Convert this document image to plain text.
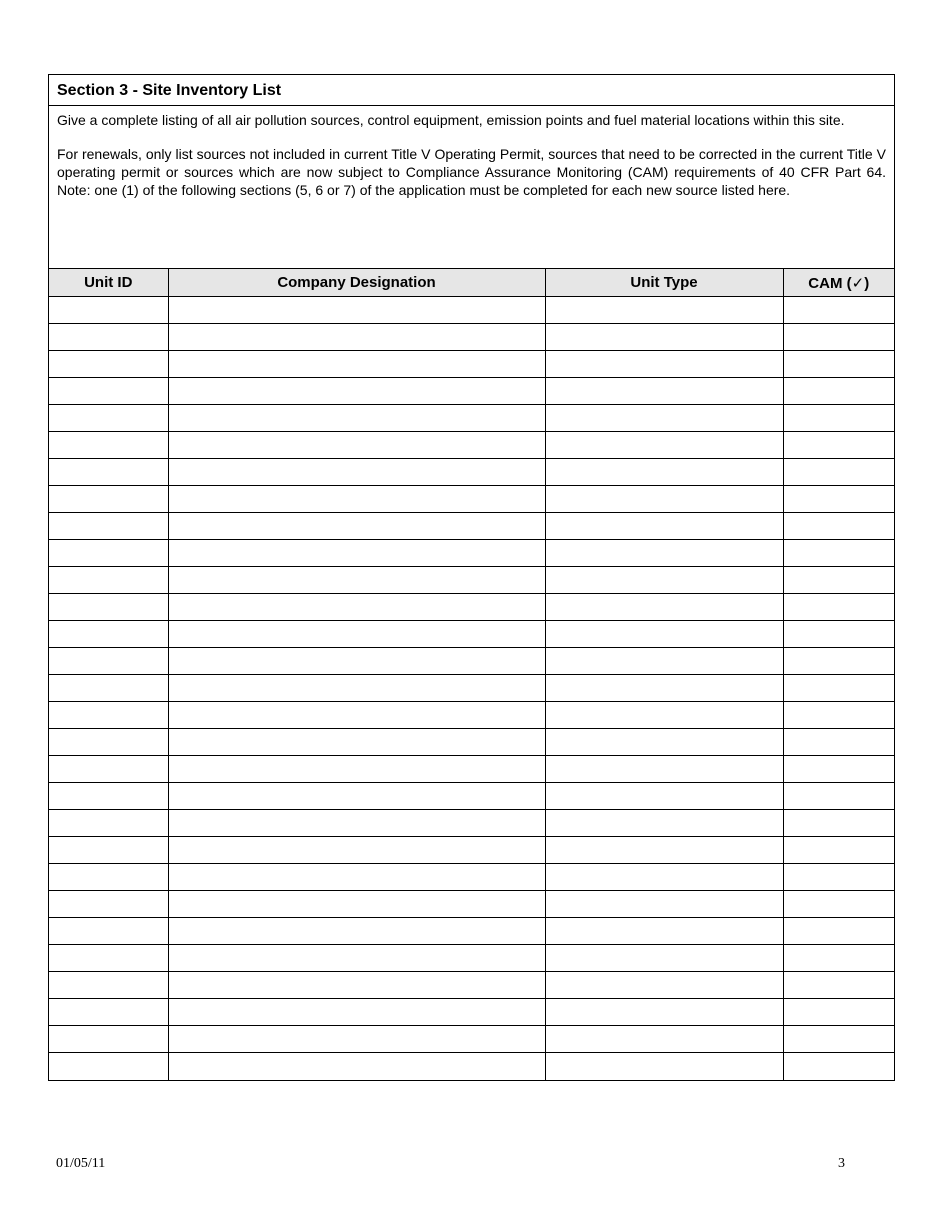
Section 3 - Site Inventory List

Give a complete listing of all air pollution sources, control equipment, emission points and fuel material locations within this site.

For renewals, only list sources not included in current Title V Operating Permit, sources that need to be corrected in the current Title V operating permit or sources which are now subject to Compliance Assurance Monitoring (CAM) requirements of 40 CFR Part 64. Note: one (1) of the following sections (5, 6 or 7) of the application must be completed for each new source listed here.

Unit ID	Company Designation	Unit Type	CAM (✓)

01/05/11	3
